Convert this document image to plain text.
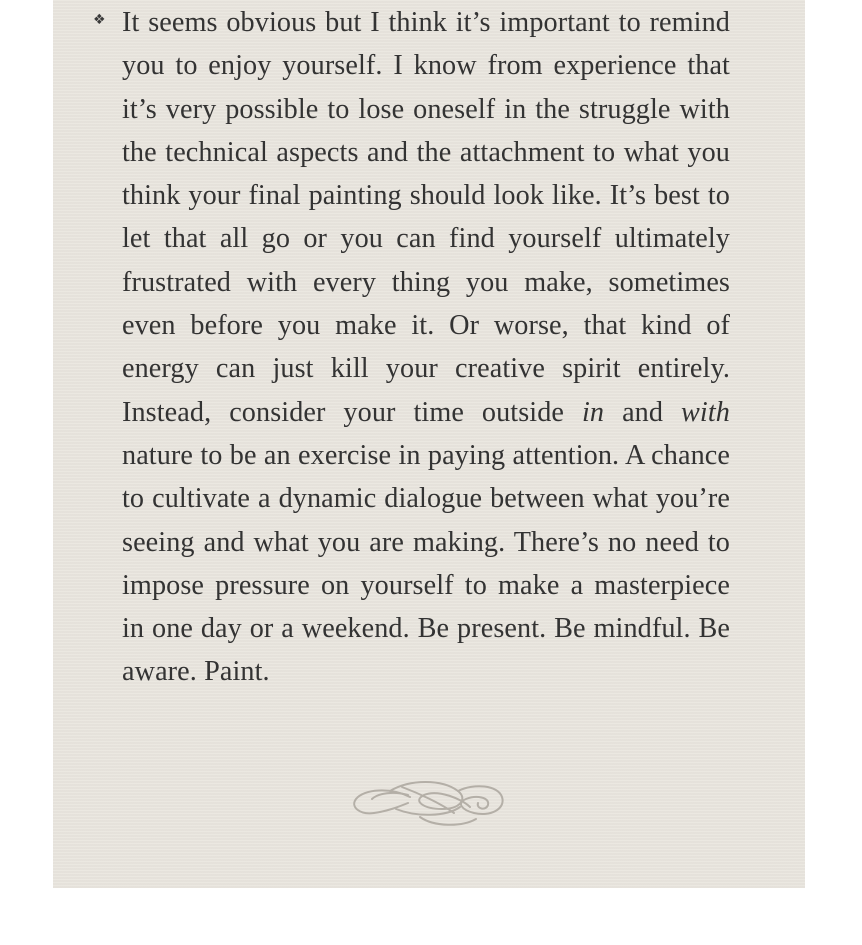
❖ It seems obvious but I think it’s important to remind you to enjoy yourself. I know from experience that it’s very possible to lose oneself in the struggle with the technical aspects and the attachment to what you think your final painting should look like. It’s best to let that all go or you can find yourself ultimately frustrated with every thing you make, sometimes even before you make it. Or worse, that kind of energy can just kill your creative spirit entirely. Instead, consider your time outside in and with nature to be an exercise in paying attention. A chance to cultivate a dynamic dialogue between what you’re seeing and what you are making. There’s no need to impose pressure on yourself to make a masterpiece in one day or a weekend. Be present. Be mindful. Be aware. Paint.
